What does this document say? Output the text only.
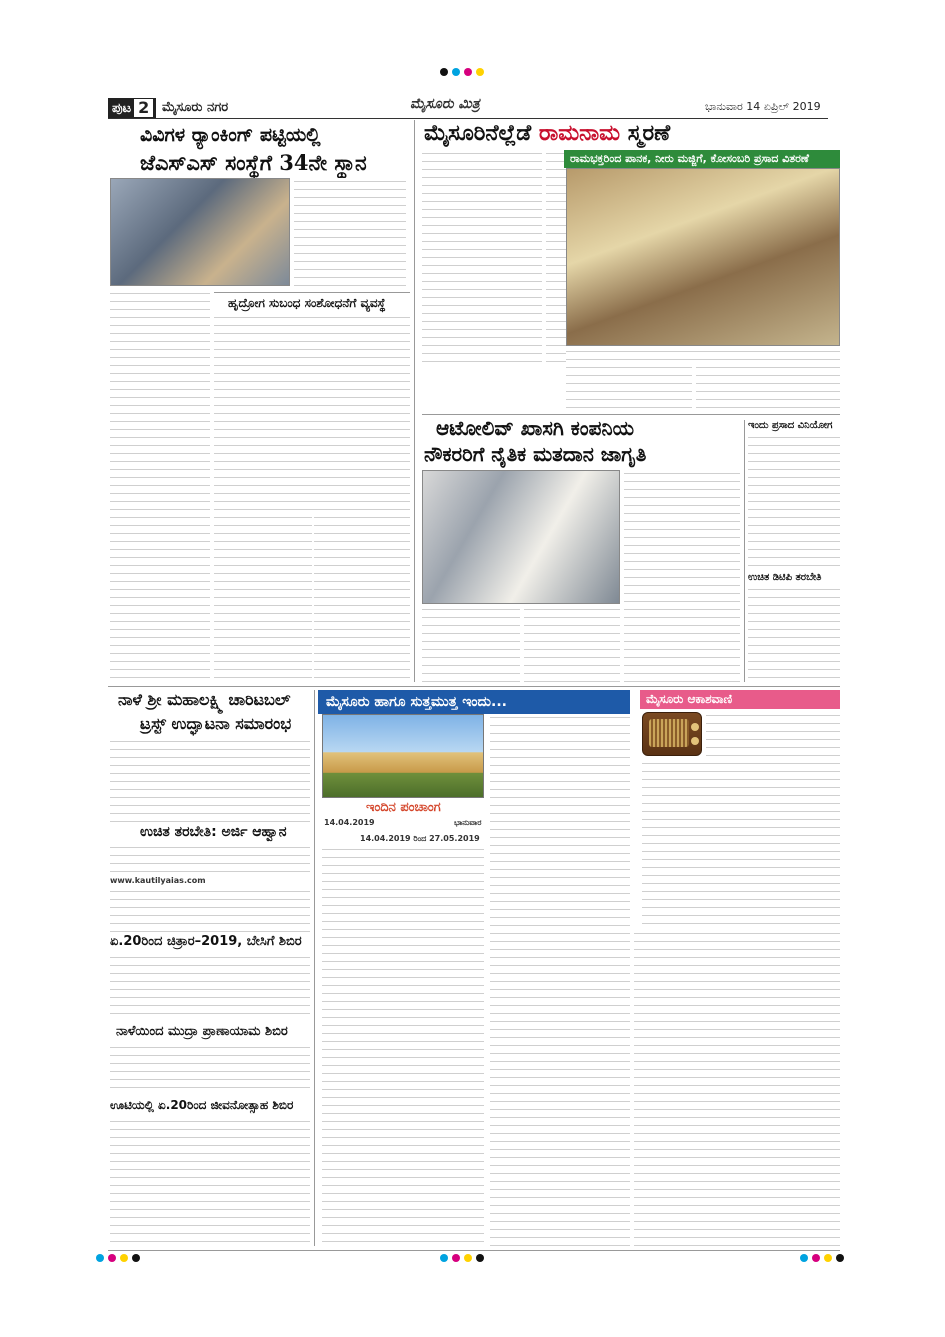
ಪುಟ 2 ಮೈಸೂರು ನಗರ	ಮೈಸೂರು ಮಿತ್ರ	ಭಾನುವಾರ 14 ಏಪ್ರಿಲ್ 2019
ವಿವಿಗಳ ರ‍್ಯಾಂಕಿಂಗ್ ಪಟ್ಟಿಯಲ್ಲಿ
ಜೆಎಸ್‌ಎಸ್ ಸಂಸ್ಥೆಗೆ 34ನೇ ಸ್ಥಾನ
ಹೃದ್ರೋಗ ಸುಬಂಧ ಸಂಶೋಧನೆಗೆ ವ್ಯವಸ್ಥೆ
ಮೈಸೂರಿನೆಲ್ಲೆಡೆ ರಾಮನಾಮ ಸ್ಮರಣೆ
ರಾಮಭಕ್ತರಿಂದ ಪಾನಕ, ನೀರು ಮಜ್ಜಿಗೆ, ಕೋಸಂಬರಿ ಪ್ರಸಾದ ವಿತರಣೆ
ಆಟೋಲಿವ್ ಖಾಸಗಿ ಕಂಪನಿಯ
ನೌಕರರಿಗೆ ನೈತಿಕ ಮತದಾನ ಜಾಗೃತಿ
ಇಂದು ಪ್ರಸಾದ ವಿನಿಯೋಗ
ಉಚಿತ ಡಿಟಿಪಿ ತರಬೇತಿ
ನಾಳೆ ಶ್ರೀ ಮಹಾಲಕ್ಷ್ಮಿ ಚಾರಿಟಬಲ್
ಟ್ರಸ್ಟ್ ಉದ್ಘಾಟನಾ ಸಮಾರಂಭ
ಉಚಿತ ತರಬೇತಿ: ಅರ್ಜಿ ಆಹ್ವಾನ
www.kautilyaias.com
ಏ.20ರಿಂದ ಚಿತ್ರಾರ–2019, ಬೇಸಿಗೆ ಶಿಬಿರ
ನಾಳೆಯಿಂದ ಮುದ್ರಾ ಪ್ರಾಣಾಯಾಮ ಶಿಬಿರ
ಊಟಿಯಲ್ಲಿ ಏ.20ರಿಂದ ಜೀವನೋತ್ಸಾಹ ಶಿಬಿರ
ಮೈಸೂರು ಹಾಗೂ ಸುತ್ತಮುತ್ತ ಇಂದು...
ಇಂದಿನ ಪಂಚಾಂಗ
14.04.2019	ಭಾನುವಾರ
14.04.2019 ರಿಂದ 27.05.2019
ಮೈಸೂರು ಆಕಾಶವಾಣಿ
